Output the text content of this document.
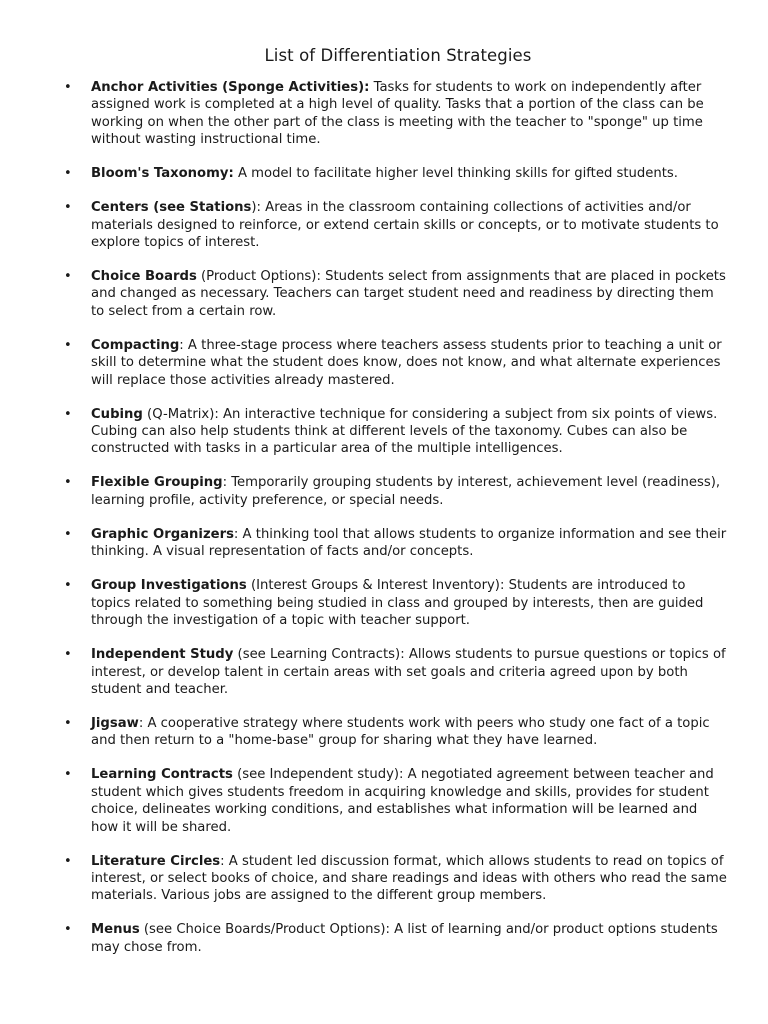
List of Differentiation Strategies
• Anchor Activities (Sponge Activities): Tasks for students to work on independently after assigned work is completed at a high level of quality. Tasks that a portion of the class can be working on when the other part of the class is meeting with the teacher to "sponge" up time without wasting instructional time.
• Bloom's Taxonomy: A model to facilitate higher level thinking skills for gifted students.
• Centers (see Stations): Areas in the classroom containing collections of activities and/or materials designed to reinforce, or extend certain skills or concepts, or to motivate students to explore topics of interest.
• Choice Boards (Product Options): Students select from assignments that are placed in pockets and changed as necessary. Teachers can target student need and readiness by directing them to select from a certain row.
• Compacting: A three-stage process where teachers assess students prior to teaching a unit or skill to determine what the student does know, does not know, and what alternate experiences will replace those activities already mastered.
• Cubing (Q-Matrix): An interactive technique for considering a subject from six points of views. Cubing can also help students think at different levels of the taxonomy. Cubes can also be constructed with tasks in a particular area of the multiple intelligences.
• Flexible Grouping: Temporarily grouping students by interest, achievement level (readiness), learning profile, activity preference, or special needs.
• Graphic Organizers: A thinking tool that allows students to organize information and see their thinking. A visual representation of facts and/or concepts.
• Group Investigations (Interest Groups & Interest Inventory): Students are introduced to topics related to something being studied in class and grouped by interests, then are guided through the investigation of a topic with teacher support.
• Independent Study (see Learning Contracts): Allows students to pursue questions or topics of interest, or develop talent in certain areas with set goals and criteria agreed upon by both student and teacher.
• Jigsaw: A cooperative strategy where students work with peers who study one fact of a topic and then return to a "home-base" group for sharing what they have learned.
• Learning Contracts (see Independent study): A negotiated agreement between teacher and student which gives students freedom in acquiring knowledge and skills, provides for student choice, delineates working conditions, and establishes what information will be learned and how it will be shared.
• Literature Circles: A student led discussion format, which allows students to read on topics of interest, or select books of choice, and share readings and ideas with others who read the same materials. Various jobs are assigned to the different group members.
• Menus (see Choice Boards/Product Options): A list of learning and/or product options students may chose from.
